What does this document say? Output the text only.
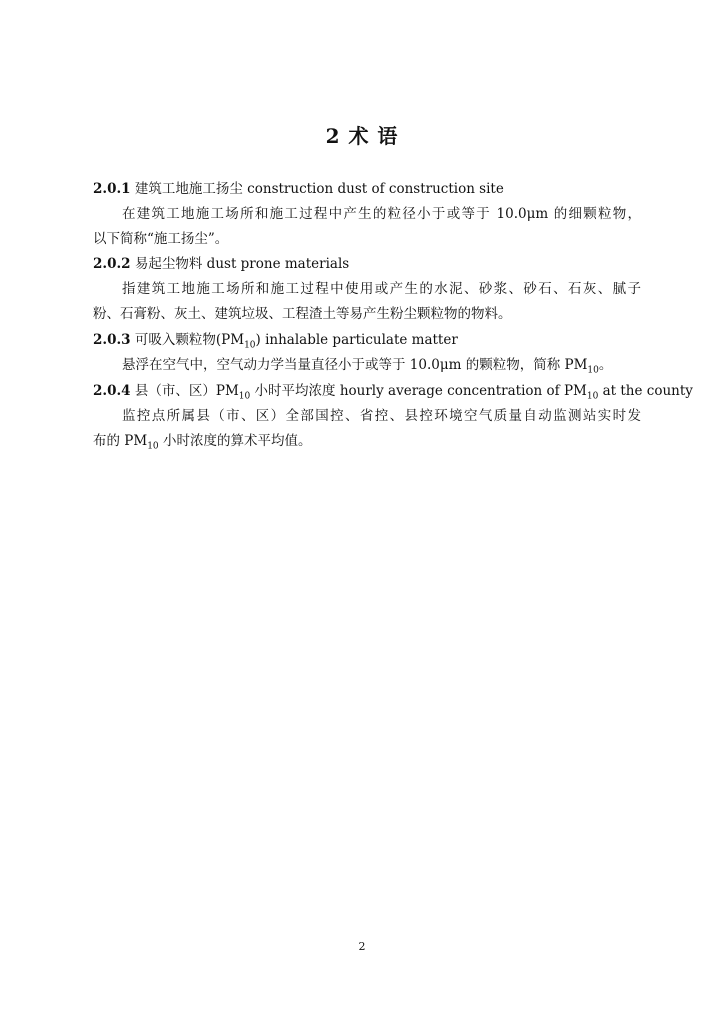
2 术 语
2.0.1 建筑工地施工扬尘 construction dust of construction site
在建筑工地施工场所和施工过程中产生的粒径小于或等于 10.0μm 的细颗粒物，
以下简称“施工扬尘”。
2.0.2 易起尘物料 dust prone materials
指建筑工地施工场所和施工过程中使用或产生的水泥、砂浆、砂石、石灰、腻子
粉、石膏粉、灰土、建筑垃圾、工程渣土等易产生粉尘颗粒物的物料。
2.0.3 可吸入颗粒物$(PM_{10})$ inhalable particulate matter
悬浮在空气中，空气动力学当量直径小于或等于 10.0μm 的颗粒物，简称 $PM_{10}$。
2.0.4 县（市、区）$PM_{10}$ 小时平均浓度 hourly average concentration of $PM_{10}$ at the county
监控点所属县（市、区）全部国控、省控、县控环境空气质量自动监测站实时发
布的 $PM_{10}$ 小时浓度的算术平均值。
2
